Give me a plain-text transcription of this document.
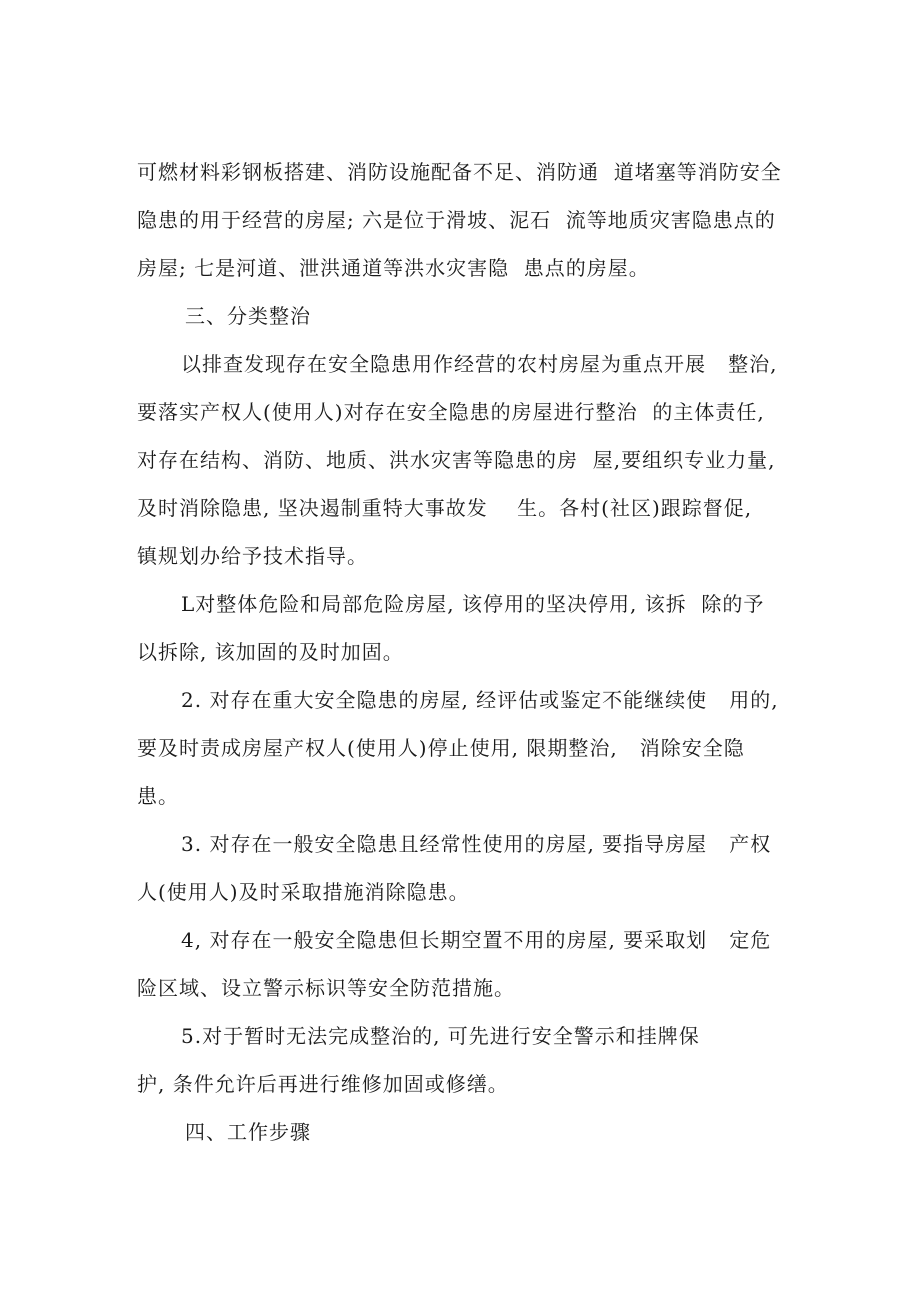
可燃材料彩钢板搭建、消防设施配备不足、消防通  道堵塞等消防安全
隐患的用于经营的房屋; 六是位于滑坡、泥石  流等地质灾害隐患点的
房屋; 七是河道、泄洪通道等洪水灾害隐  患点的房屋。
三、分类整治
以排查发现存在安全隐患用作经营的农村房屋为重点开展   整治,
要落实产权人(使用人)对存在安全隐患的房屋进行整治  的主体责任,
对存在结构、消防、地质、洪水灾害等隐患的房  屋,要组织专业力量,
及时消除隐患, 坚决遏制重特大事故发    生。各村(社区)跟踪督促,
镇规划办给予技术指导。
L对整体危险和局部危险房屋, 该停用的坚决停用, 该拆  除的予
以拆除, 该加固的及时加固。
2. 对存在重大安全隐患的房屋, 经评估或鉴定不能继续使   用的,
要及时责成房屋产权人(使用人)停止使用, 限期整治,   消除安全隐
患。
3. 对存在一般安全隐患且经常性使用的房屋, 要指导房屋   产权
人(使用人)及时采取措施消除隐患。
4, 对存在一般安全隐患但长期空置不用的房屋, 要采取划   定危
险区域、设立警示标识等安全防范措施。
5.对于暂时无法完成整治的, 可先进行安全警示和挂牌保
护, 条件允许后再进行维修加固或修缮。
四、工作步骤
